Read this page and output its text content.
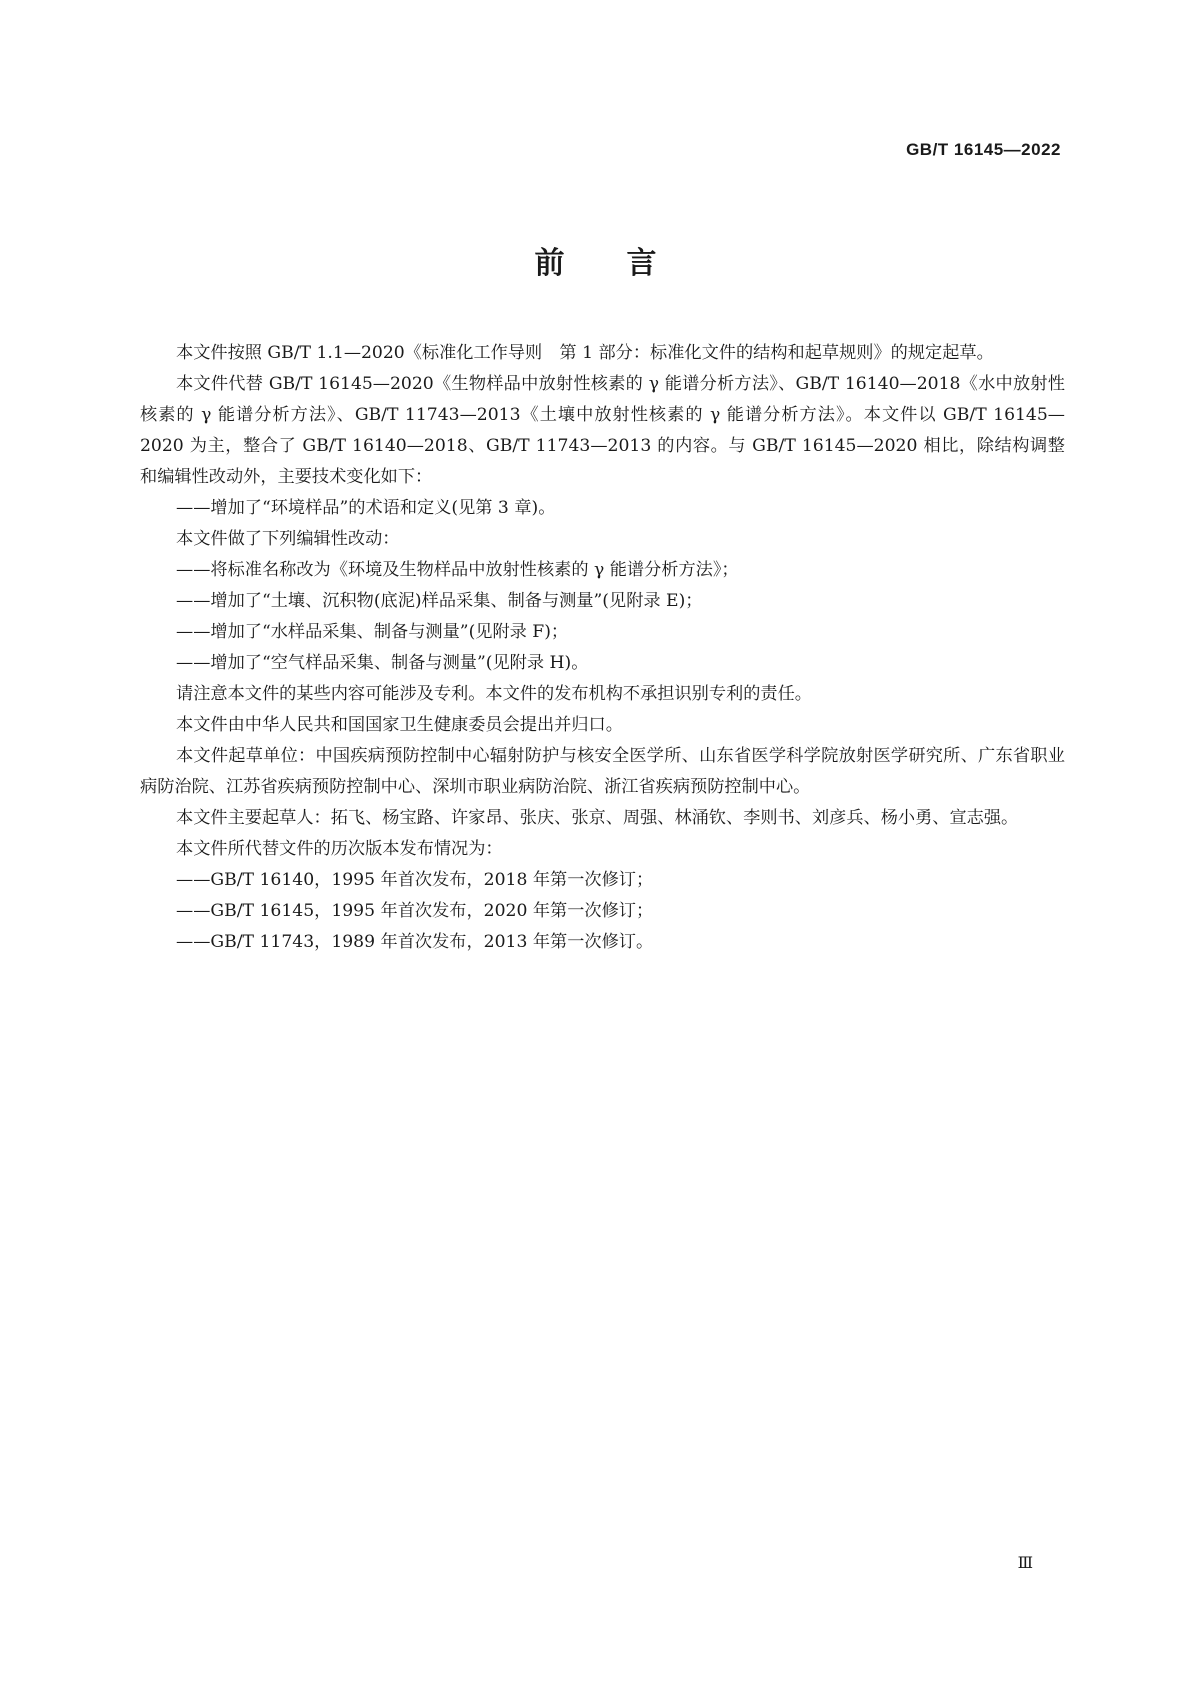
GB/T 16145—2022
前言

本文件按照 GB/T 1.1—2020《标准化工作导则　第 1 部分：标准化文件的结构和起草规则》的规定起草。

本文件代替 GB/T 16145—2020《生物样品中放射性核素的 γ 能谱分析方法》、GB/T 16140—2018《水中放射性核素的 γ 能谱分析方法》、GB/T 11743—2013《土壤中放射性核素的 γ 能谱分析方法》。本文件以 GB/T 16145—2020 为主，整合了 GB/T 16140—2018、GB/T 11743—2013 的内容。与 GB/T 16145—2020 相比，除结构调整和编辑性改动外，主要技术变化如下：

——增加了“环境样品”的术语和定义(见第 3 章)。

本文件做了下列编辑性改动：

——将标准名称改为《环境及生物样品中放射性核素的 γ 能谱分析方法》；

——增加了“土壤、沉积物(底泥)样品采集、制备与测量”(见附录 E)；

——增加了“水样品采集、制备与测量”(见附录 F)；

——增加了“空气样品采集、制备与测量”(见附录 H)。

请注意本文件的某些内容可能涉及专利。本文件的发布机构不承担识别专利的责任。

本文件由中华人民共和国国家卫生健康委员会提出并归口。

本文件起草单位：中国疾病预防控制中心辐射防护与核安全医学所、山东省医学科学院放射医学研究所、广东省职业病防治院、江苏省疾病预防控制中心、深圳市职业病防治院、浙江省疾病预防控制中心。

本文件主要起草人：拓飞、杨宝路、许家昂、张庆、张京、周强、林涌钦、李则书、刘彦兵、杨小勇、宣志强。

本文件所代替文件的历次版本发布情况为：

——GB/T 16140，1995 年首次发布，2018 年第一次修订；

——GB/T 16145，1995 年首次发布，2020 年第一次修订；

——GB/T 11743，1989 年首次发布，2013 年第一次修订。

Ⅲ
